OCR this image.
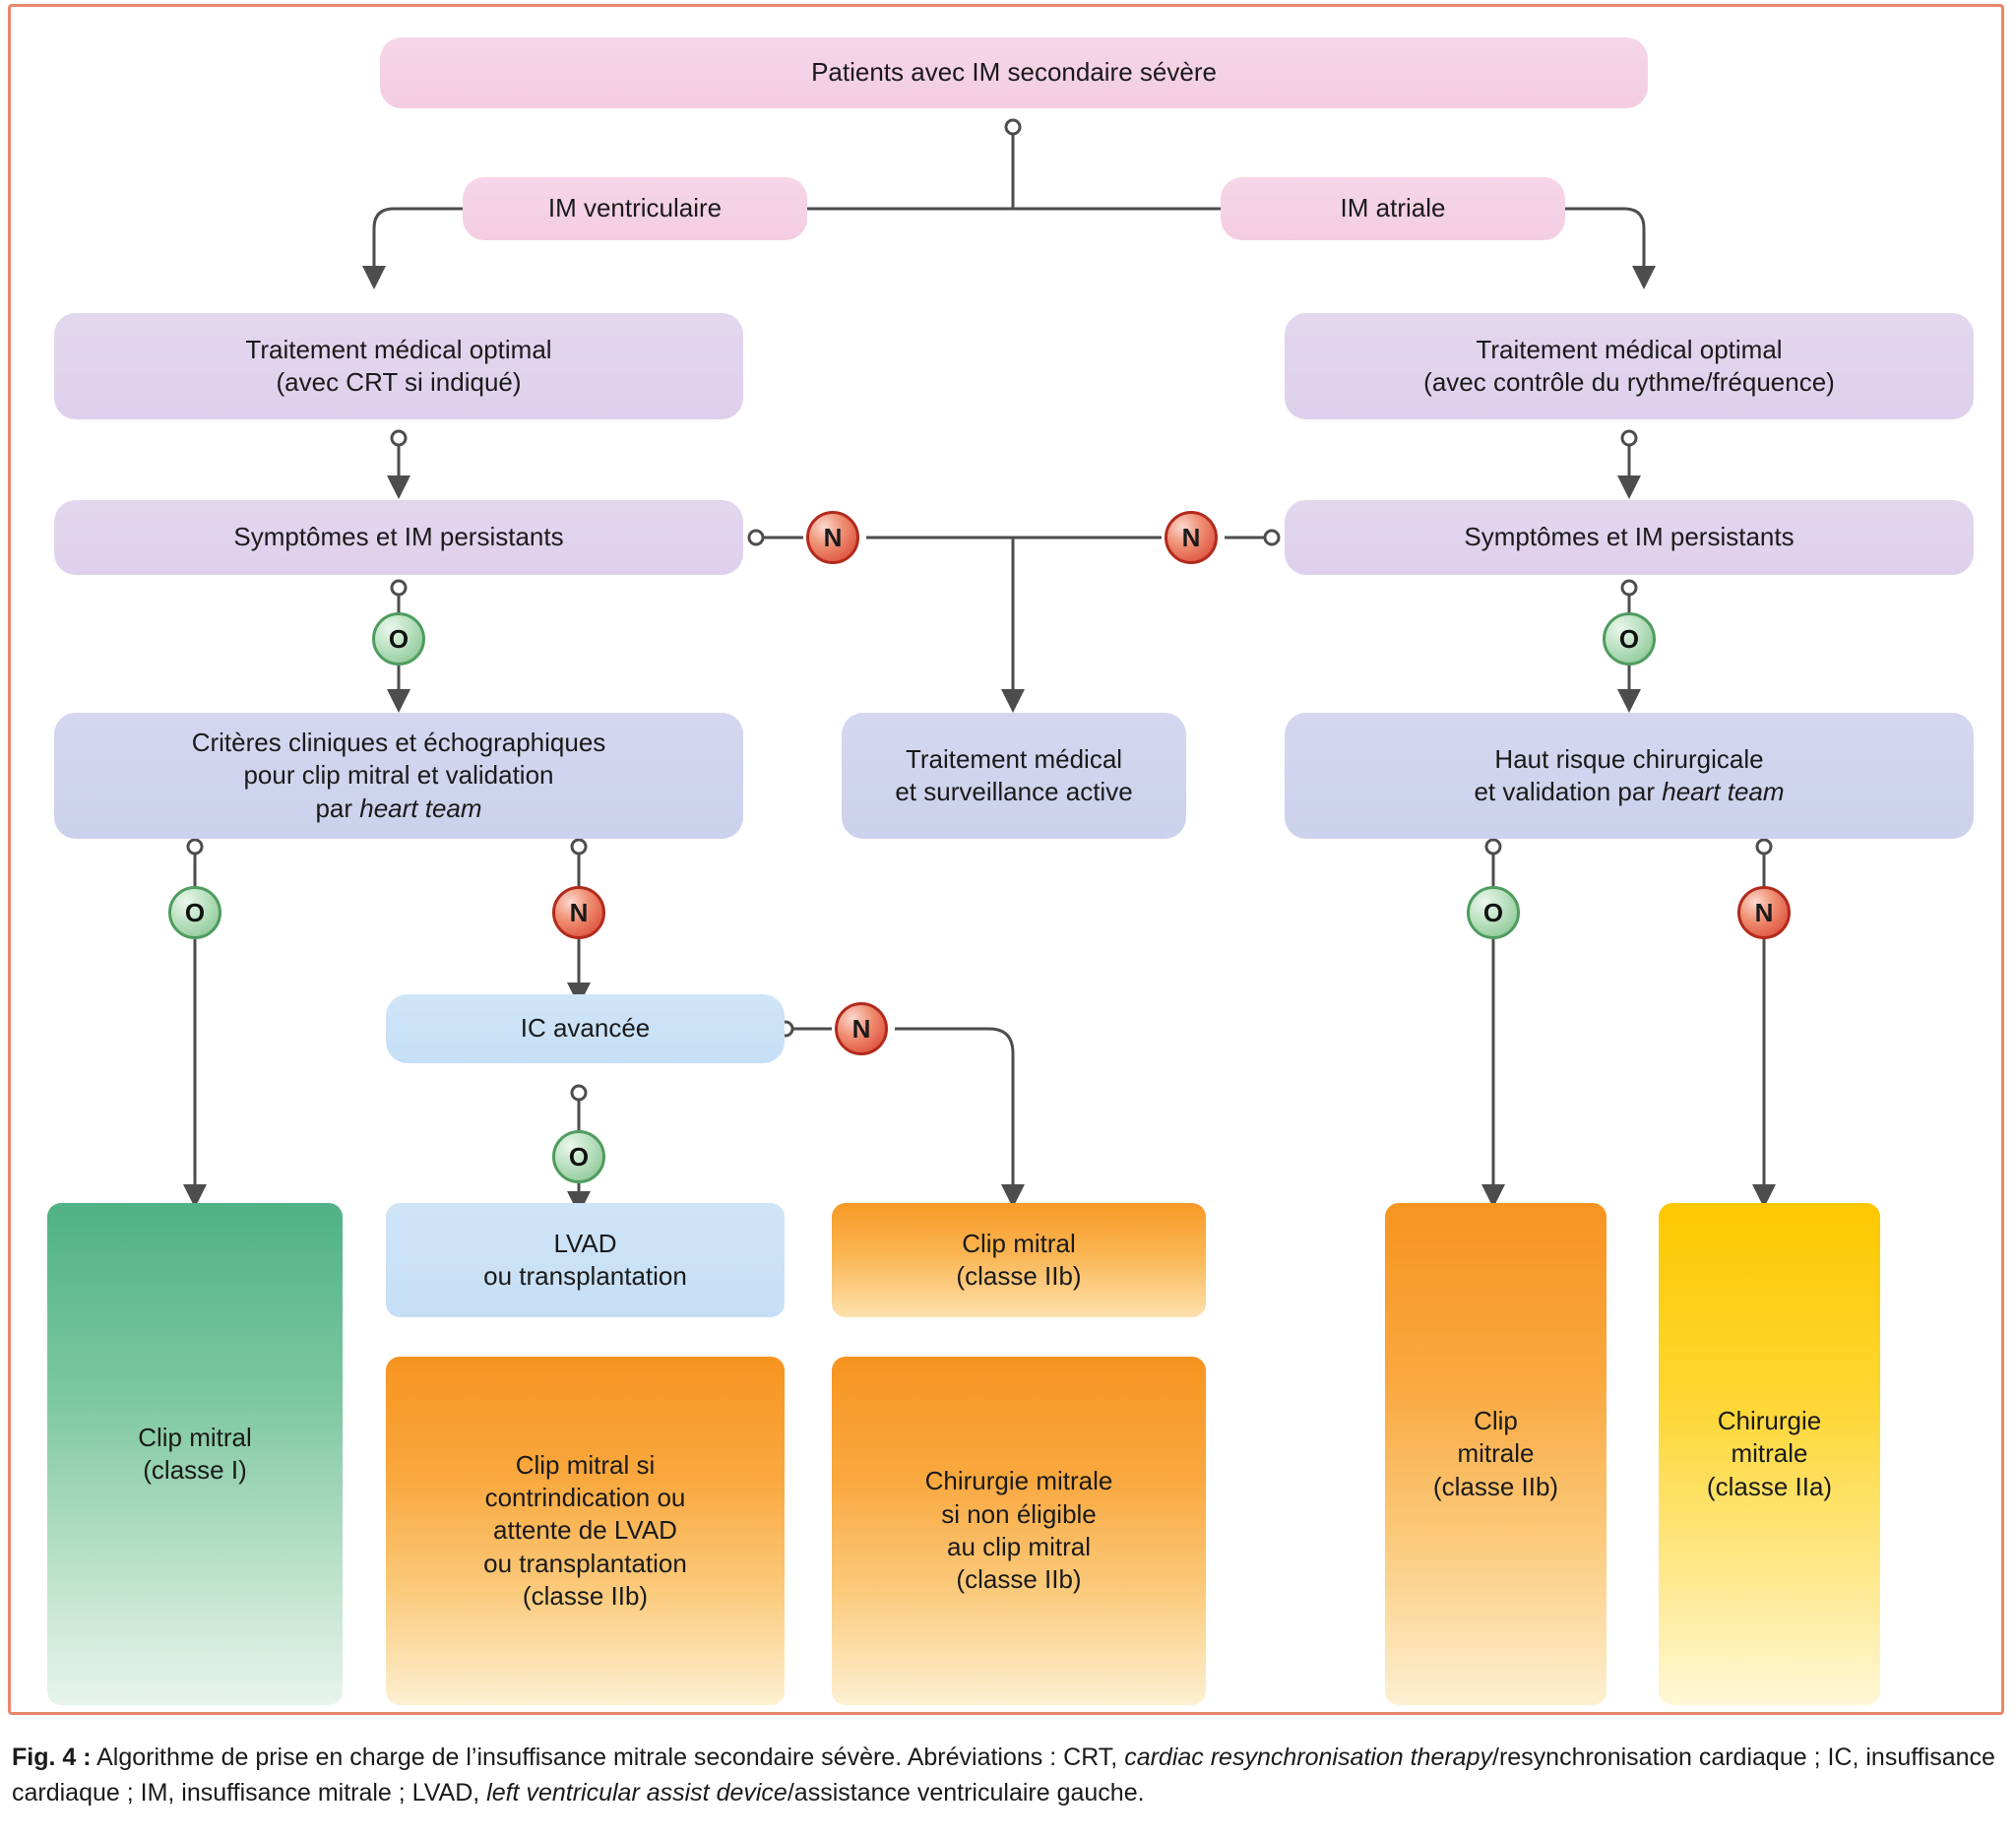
Patients avec IM secondaire sévère
IM ventriculaire	IM atriale
Traitement médical optimal
(avec CRT si indiqué)
Traitement médical optimal
(avec contrôle du rythme/fréquence)
Symptômes et IM persistants	Symptômes et IM persistants
Critères cliniques et échographiques
pour clip mitral et validation
par heart team
Traitement médical
et surveillance active
Haut risque chirurgicale
et validation par heart team
IC avancée
Clip mitral
(classe I)
LVAD
ou transplantation
Clip mitral si
contrindication ou
attente de LVAD
ou transplantation
(classe IIb)
Clip mitral
(classe IIb)
Chirurgie mitrale
si non éligible
au clip mitral
(classe IIb)
Clip
mitrale
(classe IIb)
Chirurgie
mitrale
(classe IIa)
N	N
O	O
O	N	O	N
N
O
Fig. 4 : Algorithme de prise en charge de l’insuffisance mitrale secondaire sévère. Abréviations : CRT, cardiac resynchronisation therapy/resynchronisation cardiaque ; IC, insuffisance cardiaque ; IM, insuffisance mitrale ; LVAD, left ventricular assist device/assistance ventriculaire gauche.
